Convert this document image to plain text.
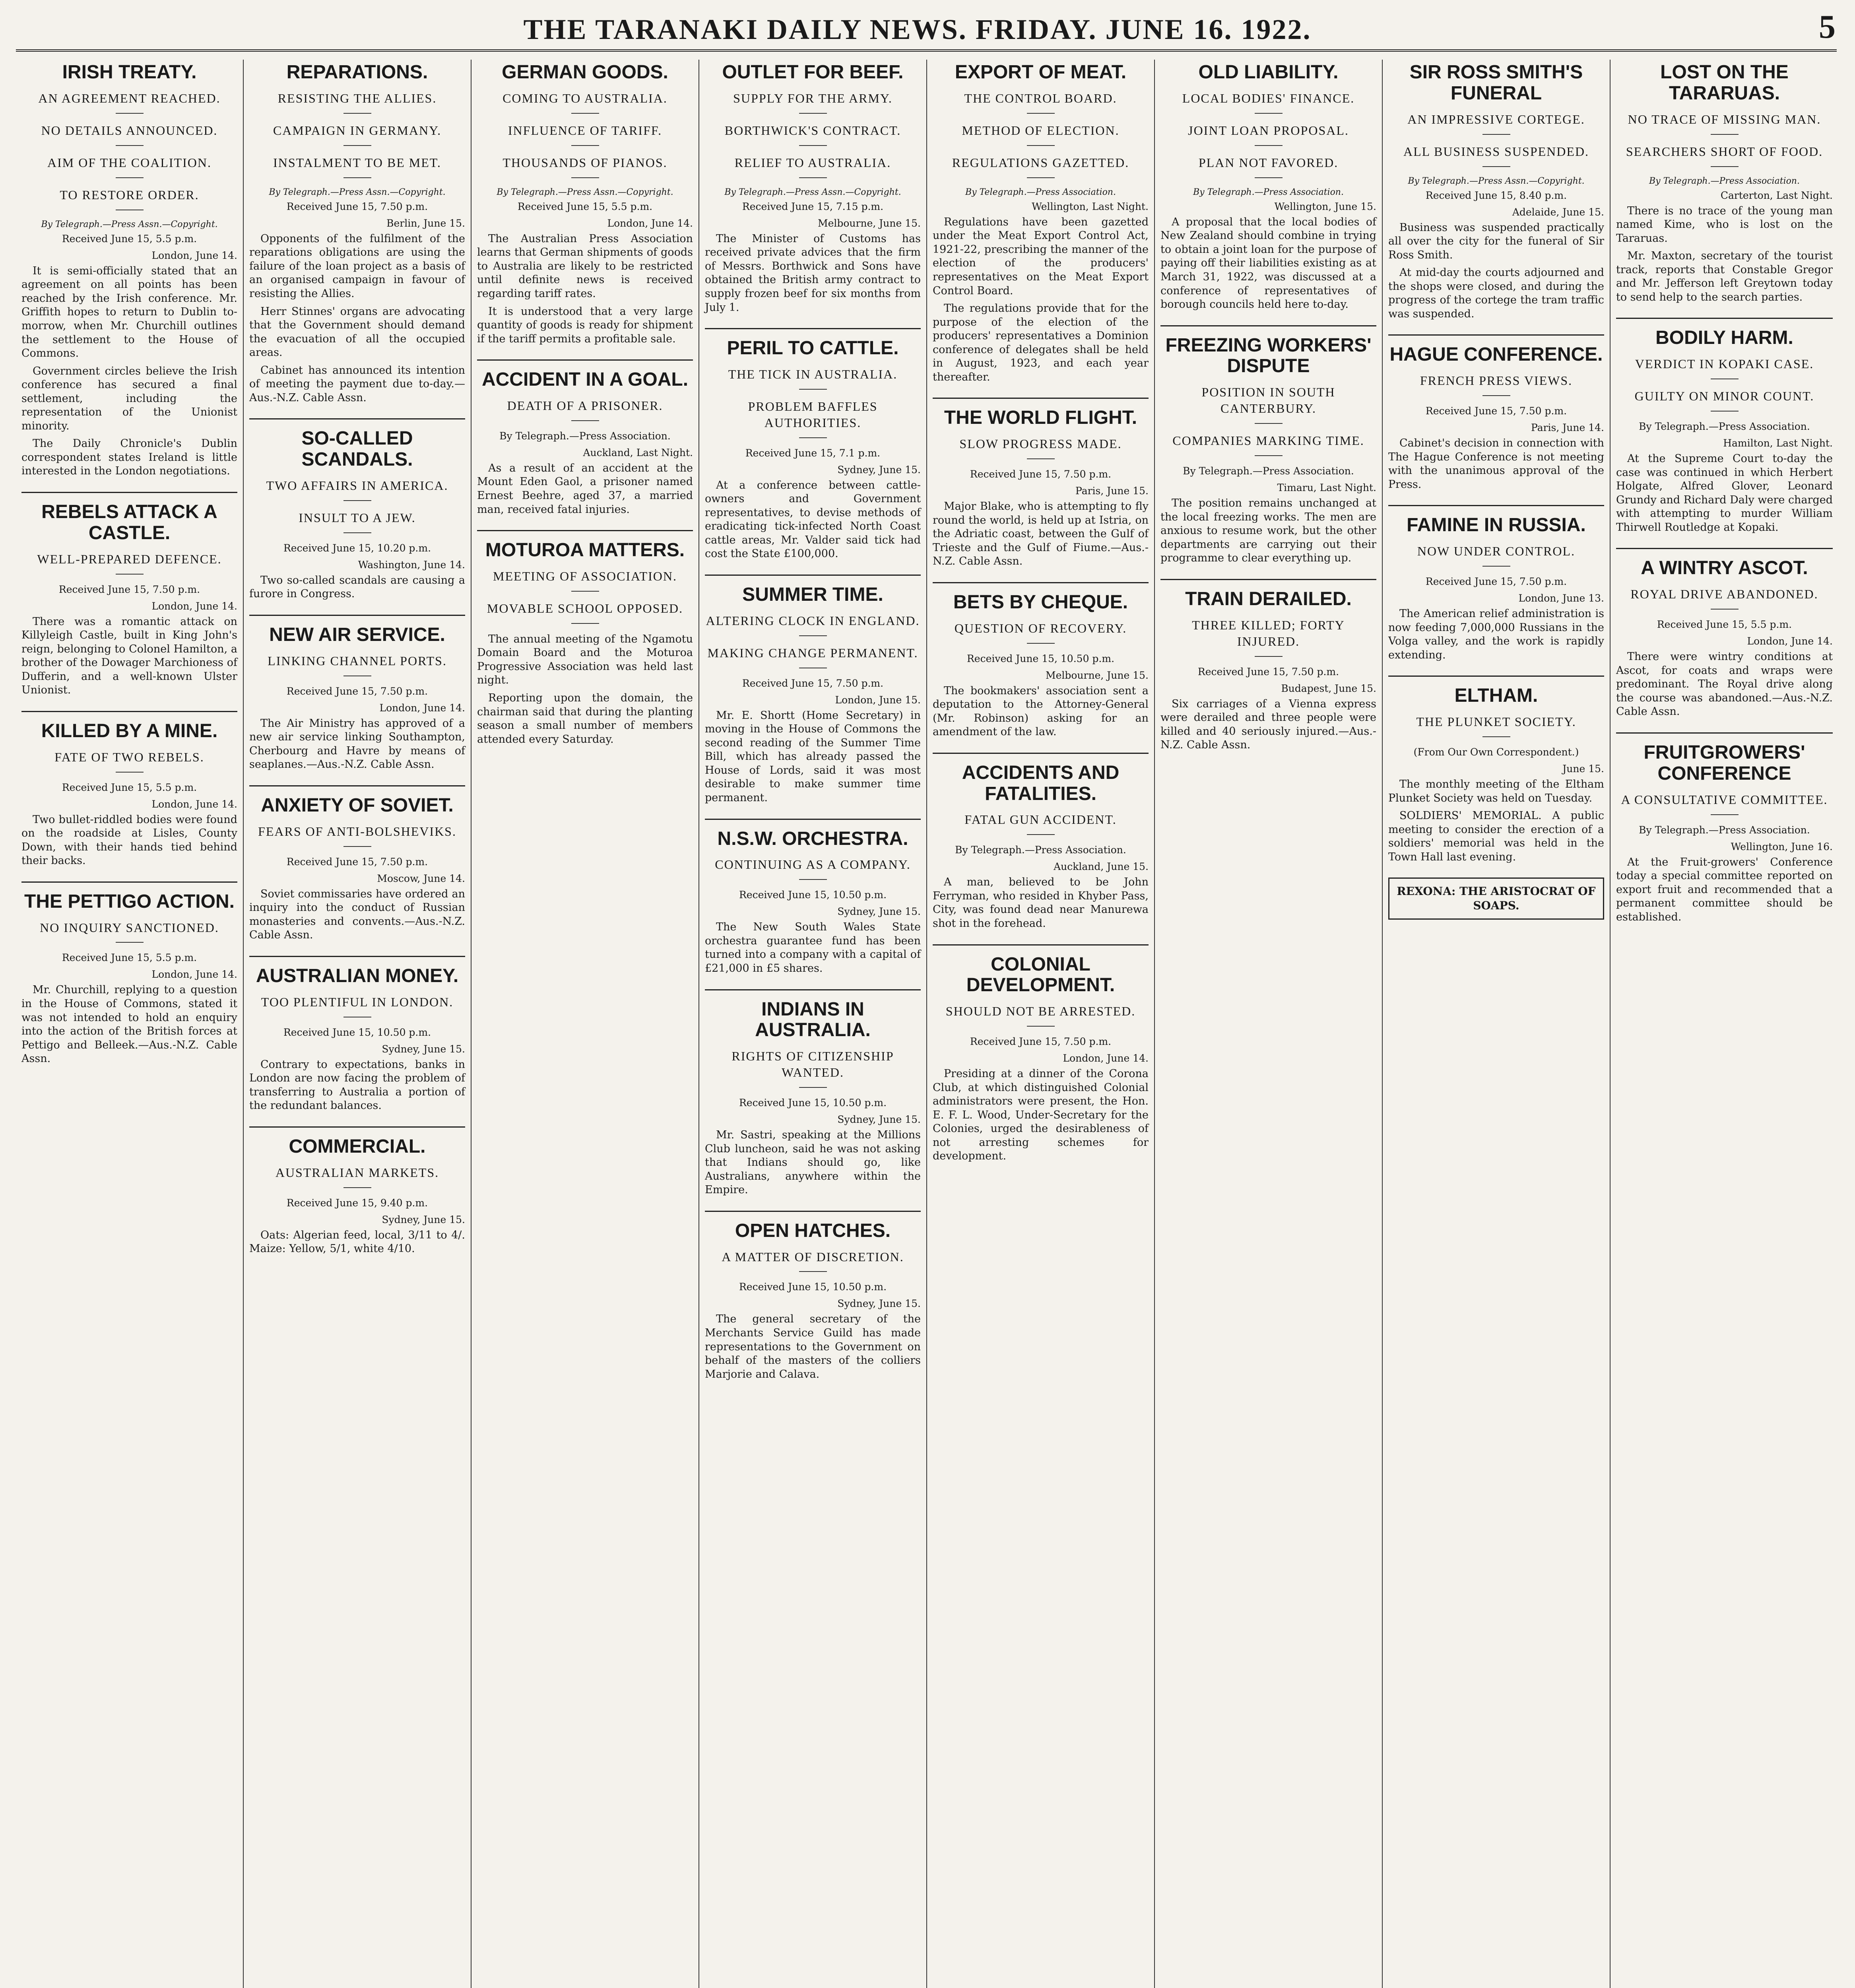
THE TARANAKI DAILY NEWS. FRIDAY. JUNE 16. 1922.	5
IRISH TREATY.
AN AGREEMENT REACHED.
NO DETAILS ANNOUNCED.
AIM OF THE COALITION.
TO RESTORE ORDER.
By Telegraph.—Press Assn.—Copyright.
Received June 15, 5.5 p.m.
London, June 14.

It is semi-officially stated that an agreement on all points has been reached by the Irish conference. Mr. Griffith hopes to return to Dublin to-morrow, when Mr. Churchill outlines the settlement to the House of Commons.

Government circles believe the Irish conference has secured a final settlement, including the representation of the Unionist minority.

The Daily Chronicle's Dublin correspondent states Ireland is little interested in the London negotiations.

REBELS ATTACK A CASTLE.
WELL-PREPARED DEFENCE.
Received June 15, 7.50 p.m.
London, June 14.

There was a romantic attack on Killyleigh Castle, built in King John's reign, belonging to Colonel Hamilton, a brother of the Dowager Marchioness of Dufferin, and a well-known Ulster Unionist.

KILLED BY A MINE.
FATE OF TWO REBELS.
Received June 15, 5.5 p.m.
London, June 14.

Two bullet-riddled bodies were found on the roadside at Lisles, County Down, with their hands tied behind their backs.

THE PETTIGO ACTION.
NO INQUIRY SANCTIONED.
Received June 15, 5.5 p.m.
London, June 14.

Mr. Churchill, replying to a question in the House of Commons, stated it was not intended to hold an enquiry into the action of the British forces at Pettigo and Belleek.—Aus.-N.Z. Cable Assn.

REPARATIONS.
RESISTING THE ALLIES.
CAMPAIGN IN GERMANY.
INSTALMENT TO BE MET.
By Telegraph.—Press Assn.—Copyright.
Received June 15, 7.50 p.m.
Berlin, June 15.

Opponents of the fulfilment of the reparations obligations are using the failure of the loan project as a basis of an organised campaign in favour of resisting the Allies.

Herr Stinnes' organs are advocating that the Government should demand the evacuation of all the occupied areas.

Cabinet has announced its intention of meeting the payment due to-day.—Aus.-N.Z. Cable Assn.

SO-CALLED SCANDALS.
TWO AFFAIRS IN AMERICA.
INSULT TO A JEW.
Received June 15, 10.20 p.m.
Washington, June 14.

Two so-called scandals are causing a furore in Congress.

NEW AIR SERVICE.
LINKING CHANNEL PORTS.
Received June 15, 7.50 p.m.
London, June 14.

The Air Ministry has approved of a new air service linking Southampton, Cherbourg and Havre by means of seaplanes.—Aus.-N.Z. Cable Assn.

ANXIETY OF SOVIET.
FEARS OF ANTI-BOLSHEVIKS.
Received June 15, 7.50 p.m.
Moscow, June 14.

Soviet commissaries have ordered an inquiry into the conduct of Russian monasteries and convents.—Aus.-N.Z. Cable Assn.

AUSTRALIAN MONEY.
TOO PLENTIFUL IN LONDON.
Received June 15, 10.50 p.m.
Sydney, June 15.

Contrary to expectations, banks in London are now facing the problem of transferring to Australia a portion of the redundant balances.

COMMERCIAL.
AUSTRALIAN MARKETS.
Received June 15, 9.40 p.m.
Sydney, June 15.

Oats: Algerian feed, local, 3/11 to 4/. Maize: Yellow, 5/1, white 4/10.

GERMAN GOODS.
COMING TO AUSTRALIA.
INFLUENCE OF TARIFF.
THOUSANDS OF PIANOS.
By Telegraph.—Press Assn.—Copyright.
Received June 15, 5.5 p.m.
London, June 14.

The Australian Press Association learns that German shipments of goods to Australia are likely to be restricted until definite news is received regarding tariff rates.

It is understood that a very large quantity of goods is ready for shipment if the tariff permits a profitable sale.

ACCIDENT IN A GOAL.
DEATH OF A PRISONER.
By Telegraph.—Press Association.
Auckland, Last Night.

As a result of an accident at the Mount Eden Gaol, a prisoner named Ernest Beehre, aged 37, a married man, received fatal injuries.

MOTUROA MATTERS.
MEETING OF ASSOCIATION.
MOVABLE SCHOOL OPPOSED.

The annual meeting of the Ngamotu Domain Board and the Moturoa Progressive Association was held last night.

Reporting upon the domain, the chairman said that during the planting season a small number of members attended every Saturday.

OUTLET FOR BEEF.
SUPPLY FOR THE ARMY.
BORTHWICK'S CONTRACT.
RELIEF TO AUSTRALIA.
By Telegraph.—Press Assn.—Copyright.
Received June 15, 7.15 p.m.
Melbourne, June 15.

The Minister of Customs has received private advices that the firm of Messrs. Borthwick and Sons have obtained the British army contract to supply frozen beef for six months from July 1.

PERIL TO CATTLE.
THE TICK IN AUSTRALIA.
PROBLEM BAFFLES AUTHORITIES.
Received June 15, 7.1 p.m.
Sydney, June 15.

At a conference between cattle-owners and Government representatives, to devise methods of eradicating tick-infected North Coast cattle areas, Mr. Valder said tick had cost the State £100,000.

SUMMER TIME.
ALTERING CLOCK IN ENGLAND.
MAKING CHANGE PERMANENT.
Received June 15, 7.50 p.m.
London, June 15.

Mr. E. Shortt (Home Secretary) in moving in the House of Commons the second reading of the Summer Time Bill, which has already passed the House of Lords, said it was most desirable to make summer time permanent.

N.S.W. ORCHESTRA.
CONTINUING AS A COMPANY.
Received June 15, 10.50 p.m.
Sydney, June 15.

The New South Wales State orchestra guarantee fund has been turned into a company with a capital of £21,000 in £5 shares.

INDIANS IN AUSTRALIA.
RIGHTS OF CITIZENSHIP WANTED.
Received June 15, 10.50 p.m.
Sydney, June 15.

Mr. Sastri, speaking at the Millions Club luncheon, said he was not asking that Indians should go, like Australians, anywhere within the Empire.

OPEN HATCHES.
A MATTER OF DISCRETION.
Received June 15, 10.50 p.m.
Sydney, June 15.

The general secretary of the Merchants Service Guild has made representations to the Government on behalf of the masters of the colliers Marjorie and Calava.

EXPORT OF MEAT.
THE CONTROL BOARD.
METHOD OF ELECTION.
REGULATIONS GAZETTED.
By Telegraph.—Press Association.
Wellington, Last Night.

Regulations have been gazetted under the Meat Export Control Act, 1921-22, prescribing the manner of the election of the producers' representatives on the Meat Export Control Board.

The regulations provide that for the purpose of the election of the producers' representatives a Dominion conference of delegates shall be held in August, 1923, and each year thereafter.

THE WORLD FLIGHT.
SLOW PROGRESS MADE.
Received June 15, 7.50 p.m.
Paris, June 15.

Major Blake, who is attempting to fly round the world, is held up at Istria, on the Adriatic coast, between the Gulf of Trieste and the Gulf of Fiume.—Aus.-N.Z. Cable Assn.

BETS BY CHEQUE.
QUESTION OF RECOVERY.
Received June 15, 10.50 p.m.
Melbourne, June 15.

The bookmakers' association sent a deputation to the Attorney-General (Mr. Robinson) asking for an amendment of the law.

ACCIDENTS AND FATALITIES.
FATAL GUN ACCIDENT.
By Telegraph.—Press Association.
Auckland, June 15.

A man, believed to be John Ferryman, who resided in Khyber Pass, City, was found dead near Manurewa shot in the forehead.

COLONIAL DEVELOPMENT.
SHOULD NOT BE ARRESTED.
Received June 15, 7.50 p.m.
London, June 14.

Presiding at a dinner of the Corona Club, at which distinguished Colonial administrators were present, the Hon. E. F. L. Wood, Under-Secretary for the Colonies, urged the desirableness of not arresting schemes for development.

OLD LIABILITY.
LOCAL BODIES' FINANCE.
JOINT LOAN PROPOSAL.
PLAN NOT FAVORED.
By Telegraph.—Press Association.
Wellington, June 15.

A proposal that the local bodies of New Zealand should combine in trying to obtain a joint loan for the purpose of paying off their liabilities existing as at March 31, 1922, was discussed at a conference of representatives of borough councils held here to-day.

FREEZING WORKERS' DISPUTE
POSITION IN SOUTH CANTERBURY.
COMPANIES MARKING TIME.
By Telegraph.—Press Association.
Timaru, Last Night.

The position remains unchanged at the local freezing works. The men are anxious to resume work, but the other departments are carrying out their programme to clear everything up.

TRAIN DERAILED.
THREE KILLED; FORTY INJURED.
Received June 15, 7.50 p.m.
Budapest, June 15.

Six carriages of a Vienna express were derailed and three people were killed and 40 seriously injured.—Aus.-N.Z. Cable Assn.

SIR ROSS SMITH'S FUNERAL
AN IMPRESSIVE CORTEGE.
ALL BUSINESS SUSPENDED.
By Telegraph.—Press Assn.—Copyright.
Received June 15, 8.40 p.m.
Adelaide, June 15.

Business was suspended practically all over the city for the funeral of Sir Ross Smith.

At mid-day the courts adjourned and the shops were closed, and during the progress of the cortege the tram traffic was suspended.

HAGUE CONFERENCE.
FRENCH PRESS VIEWS.
Received June 15, 7.50 p.m.
Paris, June 14.

Cabinet's decision in connection with The Hague Conference is not meeting with the unanimous approval of the Press.

FAMINE IN RUSSIA.
NOW UNDER CONTROL.
Received June 15, 7.50 p.m.
London, June 13.

The American relief administration is now feeding 7,000,000 Russians in the Volga valley, and the work is rapidly extending.

ELTHAM.
THE PLUNKET SOCIETY.
(From Our Own Correspondent.)
June 15.

The monthly meeting of the Eltham Plunket Society was held on Tuesday.

SOLDIERS' MEMORIAL. A public meeting to consider the erection of a soldiers' memorial was held in the Town Hall last evening.

REXONA: THE ARISTOCRAT OF SOAPS.
LOST ON THE TARARUAS.
NO TRACE OF MISSING MAN.
SEARCHERS SHORT OF FOOD.
By Telegraph.—Press Association.
Carterton, Last Night.

There is no trace of the young man named Kime, who is lost on the Tararuas.

Mr. Maxton, secretary of the tourist track, reports that Constable Gregor and Mr. Jefferson left Greytown today to send help to the search parties.

BODILY HARM.
VERDICT IN KOPAKI CASE.
GUILTY ON MINOR COUNT.
By Telegraph.—Press Association.
Hamilton, Last Night.

At the Supreme Court to-day the case was continued in which Herbert Holgate, Alfred Glover, Leonard Grundy and Richard Daly were charged with attempting to murder William Thirwell Routledge at Kopaki.

A WINTRY ASCOT.
ROYAL DRIVE ABANDONED.
Received June 15, 5.5 p.m.
London, June 14.

There were wintry conditions at Ascot, for coats and wraps were predominant. The Royal drive along the course was abandoned.—Aus.-N.Z. Cable Assn.

FRUITGROWERS' CONFERENCE
A CONSULTATIVE COMMITTEE.
By Telegraph.—Press Association.
Wellington, June 16.

At the Fruit-growers' Conference today a special committee reported on export fruit and recommended that a permanent committee should be established.
